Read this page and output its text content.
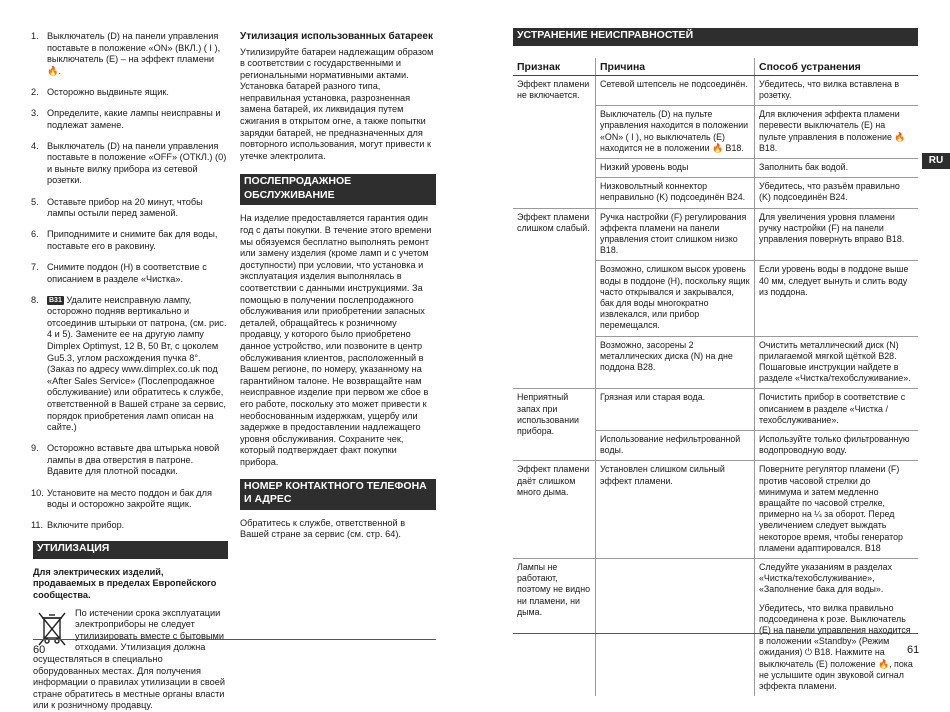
1. Выключатель (D) на панели управления поставьте в положение «ON» (ВКЛ.) ( I ), выключатель (E) – на эффект пламени 🔥.
2. Осторожно выдвиньте ящик.
3. Определите, какие лампы неисправны и подлежат замене.
4. Выключатель (D) на панели управления поставьте в положение «OFF» (ОТКЛ.) (0) и выньте вилку прибора из сетевой розетки.
5. Оставьте прибор на 20 минут, чтобы лампы остыли перед заменой.
6. Приподнимите и снимите бак для воды, поставьте его в раковину.
7. Снимите поддон (H) в соответствие с описанием в разделе «Чистка».
8. B31 Удалите неисправную лампу, осторожно подняв вертикально и отсоединив штырьки от патрона, (см. рис. 4 и 5). Замените ее на другую лампу Dimplex Optimyst, 12 В, 50 Вт, с цоколем Gu5.3, углом расхождения пучка 8°. (Заказ по адресу www.dimplex.co.uk под «After Sales Service» (Послепродажное обслуживание) или обратитесь к службе, ответственной в Вашей стране за сервис, порядок приобретения ламп описан на сайте.)
9. Осторожно вставьте два штырька новой лампы в два отверстия в патроне. Вдавите для плотной посадки.
10. Установите на место поддон и бак для воды и осторожно закройте ящик.
11. Включите прибор.
УТИЛИЗАЦИЯ
Для электрических изделий, продаваемых в пределах Европейского сообщества.
По истечении срока эксплуатации электроприборы не следует утилизировать вместе с бытовыми отходами. Утилизация должна осуществляться в специально оборудованных местах. Для получения информации о правилах утилизации в своей стране обратитесь в местные органы власти или к розничному продавцу.
Утилизация использованных батареек

Утилизируйте батареи надлежащим образом в соответствии с государственными и региональными нормативными актами. Установка батарей разного типа, неправильная установка, разрозненная замена батарей, их ликвидация путем сжигания в открытом огне, а также попытки зарядки батарей, не предназначенных для повторного использования, могут привести к утечке электролита.

ПОСЛЕПРОДАЖНОЕ ОБСЛУЖИВАНИЕ

На изделие предоставляется гарантия один год с даты покупки. В течение этого времени мы обязуемся бесплатно выполнять ремонт или замену изделия (кроме ламп и с учетом доступности) при условии, что установка и эксплуатация изделия выполнялась в соответствии с данными инструкциями. За помощью в получении послепродажного обслуживания или приобретении запасных деталей, обращайтесь к розничному продавцу, у которого было приобретено данное устройство, или позвоните в центр обслуживания клиентов, расположенный в Вашем регионе, по номеру, указанному на гарантийном талоне. Не возвращайте нам неисправное изделие при первом же сбое в его работе, поскольку это может привести к необоснованным издержкам, ущербу или задержке в предоставлении надлежащего уровня обслуживания. Сохраните чек, который подтверждает факт покупки прибора.

НОМЕР КОНТАКТНОГО ТЕЛЕФОНА И АДРЕС

Обратитесь к службе, ответственной в Вашей стране за сервис (см. стр. 64).

60
УСТРАНЕНИЕ НЕИСПРАВНОСТЕЙ
Признак	Причина	Способ устранения
Эффект пламени не включается.	Сетевой штепсель не подсоединён.	Убедитесь, что вилка вставлена в розетку.
	Выключатель (D) на пульте управления находится в положении «ON» ( I ), но выключатель (E) находится не в положении 🔥 B18.	Для включения эффекта пламени перевести выключатель (E) на пульте управления в положение 🔥 B18.
	Низкий уровень воды	Заполнить бак водой.
	Низковольтный коннектор неправильно (K) подсоединён B24.	Убедитесь, что разъём правильно (K) подсоединён B24.
Эффект пламени слишком слабый.	Ручка настройки (F) регулирования эффекта пламени на панели управления стоит слишком низко B18.	Для увеличения уровня пламени ручку настройки (F) на панели управления повернуть вправо B18.
	Возможно, слишком высок уровень воды в поддоне (H), поскольку ящик часто открывался и закрывался, бак для воды многократно извлекался, или прибор перемещался.	Если уровень воды в поддоне выше 40 мм, следует вынуть и слить воду из поддона.
	Возможно, засорены 2 металлических диска (N) на дне поддона B28.	Очистить металлический диск (N) прилагаемой мягкой щёткой B28. Пошаговые инструкции найдете в разделе «Чистка/техобслуживание».
Неприятный запах при использовании прибора.	Грязная или старая вода.	Почистить прибор в соответствие с описанием в разделе «Чистка / техобслуживание».
	Использование нефильтрованной воды.	Используйте только фильтрованную водопроводную воду.
Эффект пламени даёт слишком много дыма.	Установлен слишком сильный эффект пламени.	Поверните регулятор пламени (F) против часовой стрелки до минимума и затем медленно вращайте по часовой стрелке, примерно на ¼ за оборот. Перед увеличением следует выждать некоторое время, чтобы генератор пламени адаптировался. B18
Лампы не работают, поэтому не видно ни пламени, ни дыма.		Следуйте указаниям в разделах «Чистка/техобслуживание», «Заполнение бака для воды».
		Убедитесь, что вилка правильно подсоединена к розе. Выключатель (E) на панели управления находится в положении «Standby» (Режим ожидания) ⏻ B18. Нажмите на выключатель (E) положение 🔥, пока не услышите один звуковой сигнал эффекта пламени.
RU
61
